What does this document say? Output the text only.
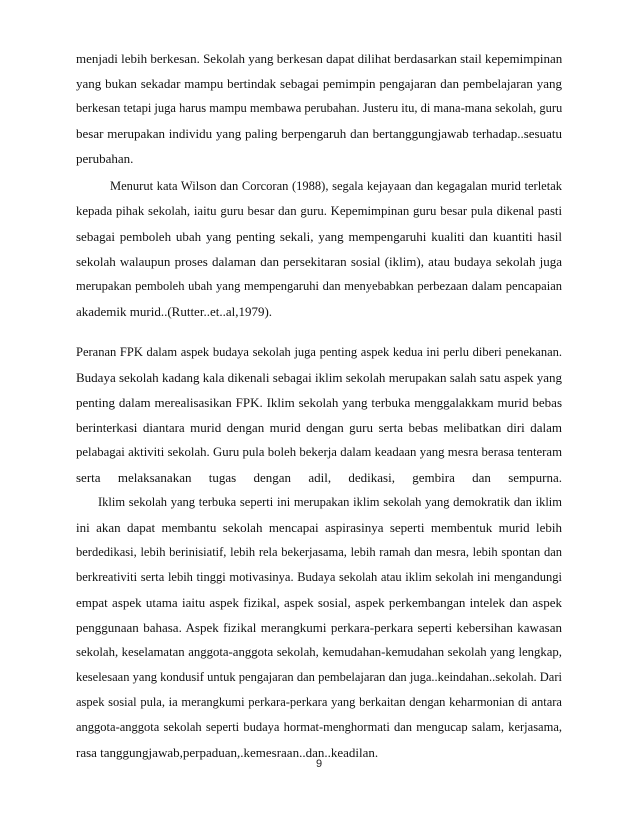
menjadi lebih berkesan. Sekolah yang berkesan dapat dilihat berdasarkan stail kepemimpinan
yang bukan sekadar mampu bertindak sebagai pemimpin pengajaran dan pembelajaran yang
berkesan tetapi juga harus mampu membawa perubahan. Justeru itu, di mana-mana sekolah, guru
besar merupakan individu yang paling berpengaruh dan bertanggungjawab terhadap..sesuatu
perubahan.
Menurut kata Wilson dan Corcoran (1988), segala kejayaan dan kegagalan murid terletak
kepada pihak sekolah, iaitu guru besar dan guru. Kepemimpinan guru besar pula dikenal pasti
sebagai pemboleh ubah yang penting sekali, yang mempengaruhi kualiti dan kuantiti hasil
sekolah walaupun proses dalaman dan persekitaran sosial (iklim), atau budaya sekolah juga
merupakan pemboleh ubah yang mempengaruhi dan menyebabkan perbezaan dalam pencapaian
akademik murid..(Rutter..et..al,1979).
Peranan FPK dalam aspek budaya sekolah juga penting aspek kedua ini perlu diberi penekanan.
Budaya sekolah kadang kala dikenali sebagai iklim sekolah merupakan salah satu aspek yang
penting dalam merealisasikan FPK. Iklim sekolah yang terbuka menggalakkam murid bebas
berinterkasi diantara murid dengan murid dengan guru serta bebas melibatkan diri dalam
pelabagai aktiviti sekolah. Guru pula boleh bekerja dalam keadaan yang mesra berasa tenteram
serta melaksanakan tugas dengan adil, dedikasi, gembira dan sempurna.
Iklim sekolah yang terbuka seperti ini merupakan iklim sekolah yang demokratik dan iklim
ini akan dapat membantu sekolah mencapai aspirasinya seperti membentuk murid lebih
berdedikasi, lebih berinisiatif, lebih rela bekerjasama, lebih ramah dan mesra, lebih spontan dan
berkreativiti serta lebih tinggi motivasinya. Budaya sekolah atau iklim sekolah ini mengandungi
empat aspek utama iaitu aspek fizikal, aspek sosial, aspek perkembangan intelek dan aspek
penggunaan bahasa. Aspek fizikal merangkumi perkara-perkara seperti kebersihan kawasan
sekolah, keselamatan anggota-anggota sekolah, kemudahan-kemudahan sekolah yang lengkap,
keselesaan yang kondusif untuk pengajaran dan pembelajaran dan juga..keindahan..sekolah. Dari
aspek sosial pula, ia merangkumi perkara-perkara yang berkaitan dengan keharmonian di antara
anggota-anggota sekolah seperti budaya hormat-menghormati dan mengucap salam, kerjasama,
rasa tanggungjawab,perpaduan,.kemesraan..dan..keadilan.
9
